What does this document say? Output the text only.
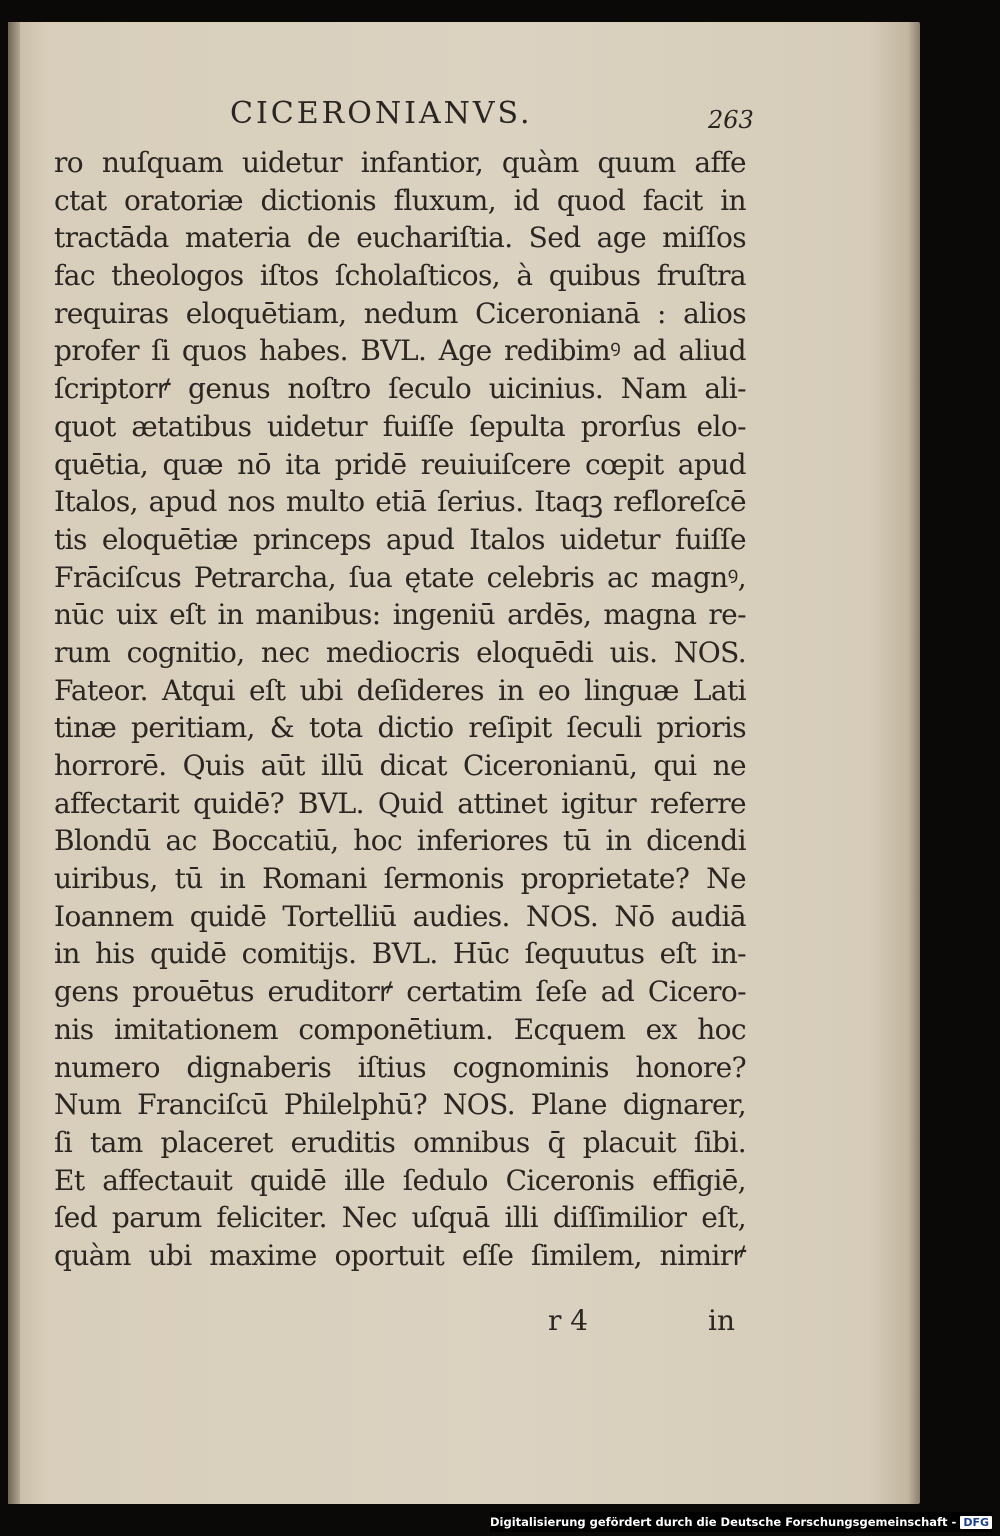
CICERONIANVS.	263
ro nuſquam uidetur infantior, quàm quum affe
ctat oratoriæ dictionis fluxum, id quod facit in
tractāda materia de euchariſtia. Sed age miſſos
fac theologos iſtos ſcholaſticos, à quibus fruſtra
requiras eloquētiam, nedum Ciceronianā : alios
profer ſi quos habes. BVL. Age redibimꝰ ad aliud
ſcriptorꝵ genus noſtro ſeculo uicinius. Nam ali-
quot ætatibus uidetur fuiſſe ſepulta prorſus elo-
quētia, quæ nō ita pridē reuiuiſcere cœpit apud
Italos, apud nos multo etiā ſerius. Itaqꝫ refloreſcē
tis eloquētiæ princeps apud Italos uidetur fuiſſe
Frāciſcus Petrarcha, ſua ętate celebris ac magnꝰ,
nūc uix eſt in manibus: ingeniū ardēs, magna re-
rum cognitio, nec mediocris eloquēdi uis. NOS.
Fateor. Atqui eſt ubi deſideres in eo linguæ Lati
tinæ peritiam, & tota dictio reſipit ſeculi prioris
horrorē. Quis aūt illū dicat Ciceronianū, qui ne
affectarit quidē? BVL. Quid attinet igitur referre
Blondū ac Boccatiū, hoc inferiores tū in dicendi
uiribus, tū in Romani ſermonis proprietate? Ne
Ioannem quidē Tortelliū audies. NOS. Nō audiā
in his quidē comitijs. BVL. Hūc ſequutus eſt in-
gens prouētus eruditorꝵ certatim ſeſe ad Cicero-
nis imitationem componētium. Ecquem ex hoc
numero dignaberis iſtius cognominis honore?
Num Franciſcū Philelphū? NOS. Plane dignarer,
ſi tam placeret eruditis omnibus q̄ placuit ſibi.
Et affectauit quidē ille ſedulo Ciceronis effigiē,
ſed parum feliciter. Nec uſquā illi diſſimilior eſt,
quàm ubi maxime oportuit eſſe ſimilem, nimirꝵ
r 4	in
Digitalisierung gefördert durch die Deutsche Forschungsgemeinschaft - DFG
